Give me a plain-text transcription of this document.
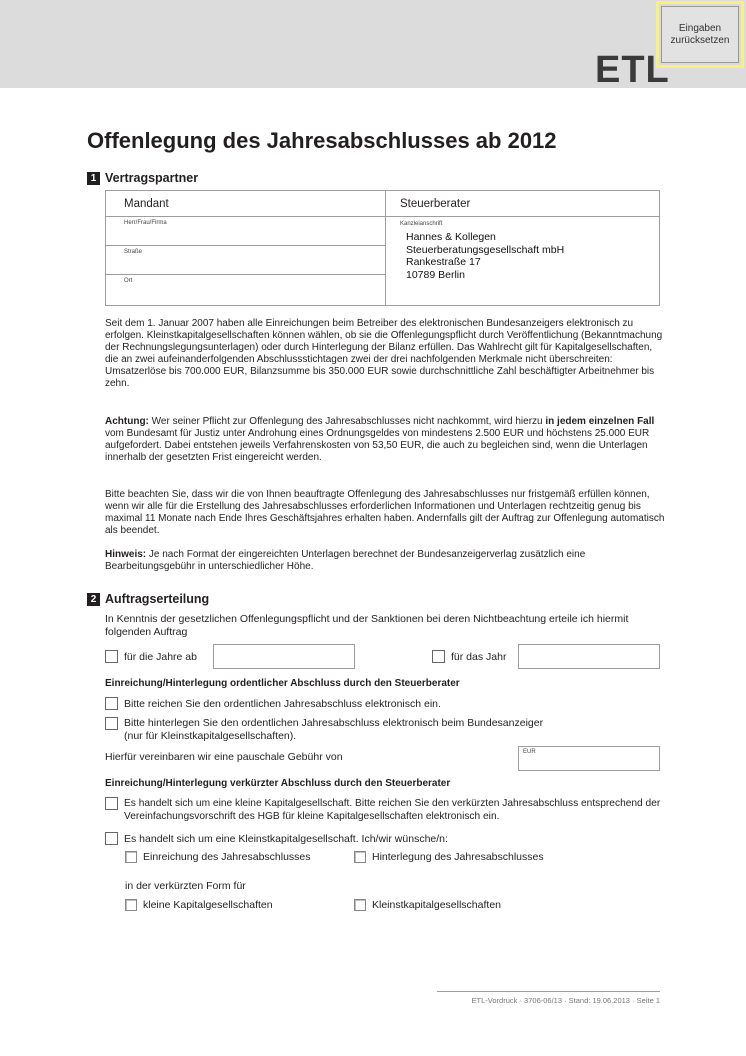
Eingaben
zurücksetzen
ETL
Offenlegung des Jahresabschlusses ab 2012
1 Vertragspartner
Mandant
Herr/Frau/Firma
Straße
Ort
Steuerberater
Kanzleianschrift
Hannes & Kollegen
Steuerberatungsgesellschaft mbH
Rankestraße 17
10789 Berlin
Seit dem 1. Januar 2007 haben alle Einreichungen beim Betreiber des elektronischen Bundesanzeigers elektronisch zu erfolgen. Kleinstkapitalgesellschaften können wählen, ob sie die Offenlegungspflicht durch Veröffentlichung (Bekanntmachung der Rechnungslegungsunterlagen) oder durch Hinterlegung der Bilanz erfüllen. Das Wahlrecht gilt für Kapitalgesellschaften, die an zwei aufeinanderfolgenden Abschlussstichtagen zwei der drei nachfolgenden Merkmale nicht überschreiten: Umsatzerlöse bis 700.000 EUR, Bilanzsumme bis 350.000 EUR sowie durchschnittliche Zahl beschäftigter Arbeitnehmer bis zehn.
Achtung: Wer seiner Pflicht zur Offenlegung des Jahresabschlusses nicht nachkommt, wird hierzu in jedem einzelnen Fall vom Bundesamt für Justiz unter Androhung eines Ordnungsgeldes von mindestens 2.500 EUR und höchstens 25.000 EUR aufgefordert. Dabei entstehen jeweils Verfahrenskosten von 53,50 EUR, die auch zu begleichen sind, wenn die Unterlagen innerhalb der gesetzten Frist eingereicht werden.
Bitte beachten Sie, dass wir die von Ihnen beauftragte Offenlegung des Jahresabschlusses nur fristgemäß erfüllen können, wenn wir alle für die Erstellung des Jahresabschlusses erforderlichen Informationen und Unterlagen rechtzeitig genug bis maximal 11 Monate nach Ende Ihres Geschäftsjahres erhalten haben. Andernfalls gilt der Auftrag zur Offenlegung automatisch als beendet.
Hinweis: Je nach Format der eingereichten Unterlagen berechnet der Bundesanzeigerverlag zusätzlich eine Bearbeitungsgebühr in unterschiedlicher Höhe.
2 Auftragserteilung
In Kenntnis der gesetzlichen Offenlegungspflicht und der Sanktionen bei deren Nichtbeachtung erteile ich hiermit folgenden Auftrag
für die Jahre ab	für das Jahr
Einreichung/Hinterlegung ordentlicher Abschluss durch den Steuerberater
Bitte reichen Sie den ordentlichen Jahresabschluss elektronisch ein.
Bitte hinterlegen Sie den ordentlichen Jahresabschluss elektronisch beim Bundesanzeiger
(nur für Kleinstkapitalgesellschaften).
Hierfür vereinbaren wir eine pauschale Gebühr von	EUR
Einreichung/Hinterlegung verkürzter Abschluss durch den Steuerberater
Es handelt sich um eine kleine Kapitalgesellschaft. Bitte reichen Sie den verkürzten Jahresabschluss entsprechend der Vereinfachungsvorschrift des HGB für kleine Kapitalgesellschaften elektronisch ein.
Es handelt sich um eine Kleinstkapitalgesellschaft. Ich/wir wünsche/n:
Einreichung des Jahresabschlusses	Hinterlegung des Jahresabschlusses
in der verkürzten Form für
kleine Kapitalgesellschaften	Kleinstkapitalgesellschaften
ETL-Vordruck · 3706-06/13 · Stand: 19.06.2013 · Seite 1
